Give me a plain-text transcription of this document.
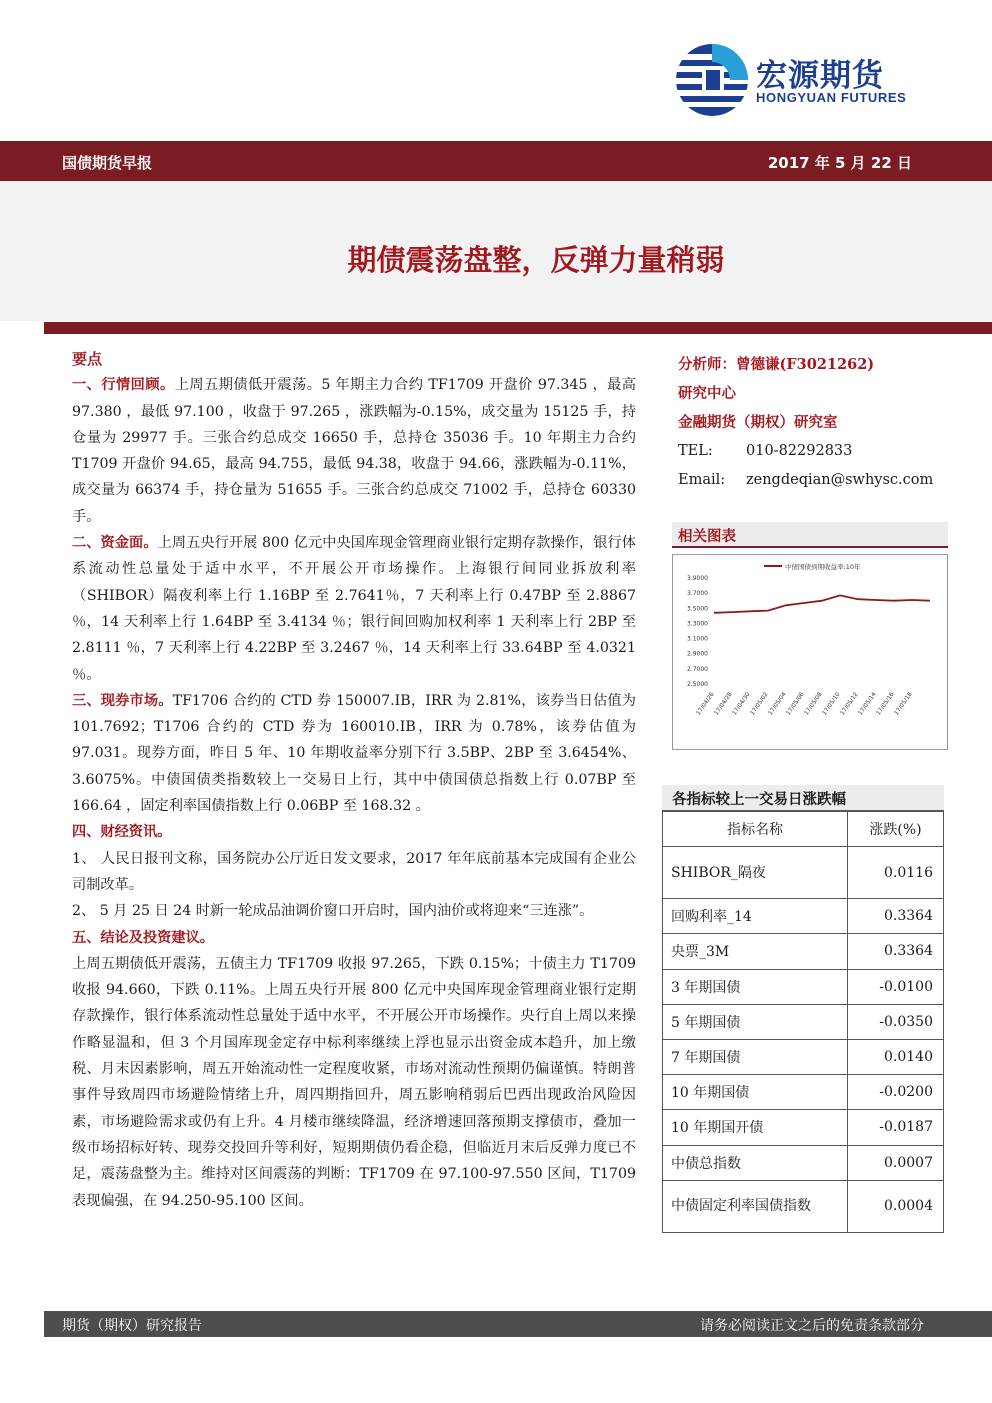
宏源期货
HONGYUAN FUTURES
国债期货早报	2017 年 5 月 22 日
期债震荡盘整，反弹力量稍弱

要点

一、行情回顾。上周五期债低开震荡。5 年期主力合约 TF1709 开盘价 97.345 ，最高 97.380 ，最低 97.100 ，收盘于 97.265 ，涨跌幅为-0.15%，成交量为 15125 手，持仓量为 29977 手。三张合约总成交 16650 手，总持仓 35036 手。10 年期主力合约 T1709 开盘价 94.65，最高 94.755，最低 94.38，收盘于 94.66，涨跌幅为-0.11%，成交量为 66374 手，持仓量为 51655 手。三张合约总成交 71002 手，总持仓 60330 手。

二、资金面。上周五央行开展 800 亿元中央国库现金管理商业银行定期存款操作，银行体系流动性总量处于适中水平，不开展公开市场操作。上海银行间同业拆放利率（SHIBOR）隔夜利率上行 1.16BP 至 2.7641％，7 天利率上行 0.47BP 至 2.8867 ％，14 天利率上行 1.64BP 至 3.4134 ％；银行间回购加权利率 1 天利率上行 2BP 至 2.8111 ％，7 天利率上行 4.22BP 至 3.2467 ％，14 天利率上行 33.64BP 至 4.0321 ％。

三、现券市场。TF1706 合约的 CTD 券 150007.IB，IRR 为 2.81%，该券当日估值为 101.7692；T1706 合约的 CTD 券为 160010.IB，IRR 为 0.78%，该券估值为 97.031。现券方面，昨日 5 年、10 年期收益率分别下行 3.5BP、2BP 至 3.6454%、3.6075%。中债国债类指数较上一交易日上行，其中中债国债总指数上行 0.07BP 至 166.64 ，固定利率国债指数上行 0.06BP 至 168.32 。

四、财经资讯。

1、 人民日报刊文称，国务院办公厅近日发文要求，2017 年年底前基本完成国有企业公司制改革。

2、 5 月 25 日 24 时新一轮成品油调价窗口开启时，国内油价或将迎来“三连涨”。

五、结论及投资建议。

上周五期债低开震荡，五债主力 TF1709 收报 97.265，下跌 0.15%；十债主力 T1709 收报 94.660，下跌 0.11%。上周五央行开展 800 亿元中央国库现金管理商业银行定期存款操作，银行体系流动性总量处于适中水平，不开展公开市场操作。央行自上周以来操作略显温和，但 3 个月国库现金定存中标利率继续上浮也显示出资金成本趋升，加上缴税、月末因素影响，周五开始流动性一定程度收紧，市场对流动性预期仍偏谨慎。特朗普事件导致周四市场避险情绪上升，周四期指回升，周五影响稍弱后巴西出现政治风险因素，市场避险需求或仍有上升。4 月楼市继续降温，经济增速回落预期支撑债市，叠加一级市场招标好转、现券交投回升等利好，短期期债仍看企稳，但临近月末后反弹力度已不足，震荡盘整为主。维持对区间震荡的判断：TF1709 在 97.100-97.550 区间，T1709 表现偏强，在 94.250-95.100 区间。

分析师：曾德谦(F3021262)
研究中心
金融期货（期权）研究室
TEL:	010-82292833
Email:	zengdeqian@swhysc.com
相关图表
中债国债到期收益率:10年
3.9000
3.7000
3.5000
3.3000
3.1000
2.9000
2.7000
2.5000
17/04/26
17/04/28
17/04/30
17/05/02
17/05/04
17/05/06
17/05/08
17/05/10
17/05/12
17/05/14
17/05/16
17/05/18
各指标较上一交易日涨跌幅
指标名称	涨跌(%)
SHIBOR_隔夜	0.0116
回购利率_14	0.3364
央票_3M	0.3364
3 年期国债	-0.0100
5 年期国债	-0.0350
7 年期国债	0.0140
10 年期国债	-0.0200
10 年期国开债	-0.0187
中债总指数	0.0007
中债固定利率国债指数	0.0004
期货（期权）研究报告	请务必阅读正文之后的免责条款部分
